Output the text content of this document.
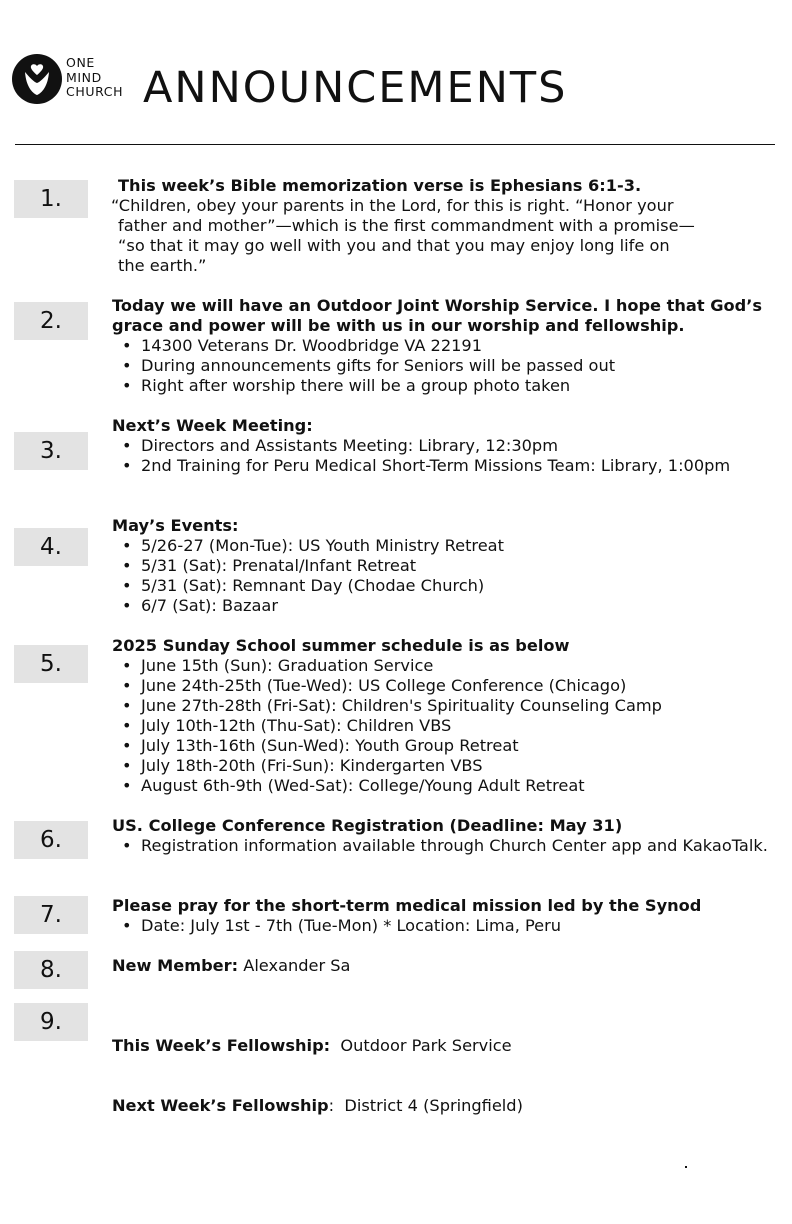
ONE
MIND
CHURCH ANNOUNCEMENTS
1.
This week’s Bible memorization verse is Ephesians 6:1-3.
“Children, obey your parents in the Lord, for this is right. “Honor your
father and mother”—which is the first commandment with a promise—
“so that it may go well with you and that you may enjoy long life on
the earth.”
2.
Today we will have an Outdoor Joint Worship Service. I hope that God’s grace and power will be with us in our worship and fellowship.
• 14300 Veterans Dr. Woodbridge VA 22191
• During announcements gifts for Seniors will be passed out
• Right after worship there will be a group photo taken
3.
Next’s Week Meeting:
• Directors and Assistants Meeting: Library, 12:30pm
• 2nd Training for Peru Medical Short-Term Missions Team: Library, 1:00pm
4.
May’s Events:
• 5/26-27 (Mon-Tue): US Youth Ministry Retreat
• 5/31 (Sat): Prenatal/Infant Retreat
• 5/31 (Sat): Remnant Day (Chodae Church)
• 6/7 (Sat): Bazaar
5.
2025 Sunday School summer schedule is as below
• June 15th (Sun): Graduation Service
• June 24th-25th (Tue-Wed): US College Conference (Chicago)
• June 27th-28th (Fri-Sat): Children's Spirituality Counseling Camp
• July 10th-12th (Thu-Sat): Children VBS
• July 13th-16th (Sun-Wed): Youth Group Retreat
• July 18th-20th (Fri-Sun): Kindergarten VBS
• August 6th-9th (Wed-Sat): College/Young Adult Retreat
6.
US. College Conference Registration (Deadline: May 31)
• Registration information available through Church Center app and KakaoTalk.
7.	Please pray for the short-term medical mission led by the Synod
• Date: July 1st - 7th (Tue-Mon) * Location: Lima, Peru
8.	New Member: Alexander Sa
9.

This Week’s Fellowship:  Outdoor Park Service

Next Week’s Fellowship:  District 4 (Springfield)
